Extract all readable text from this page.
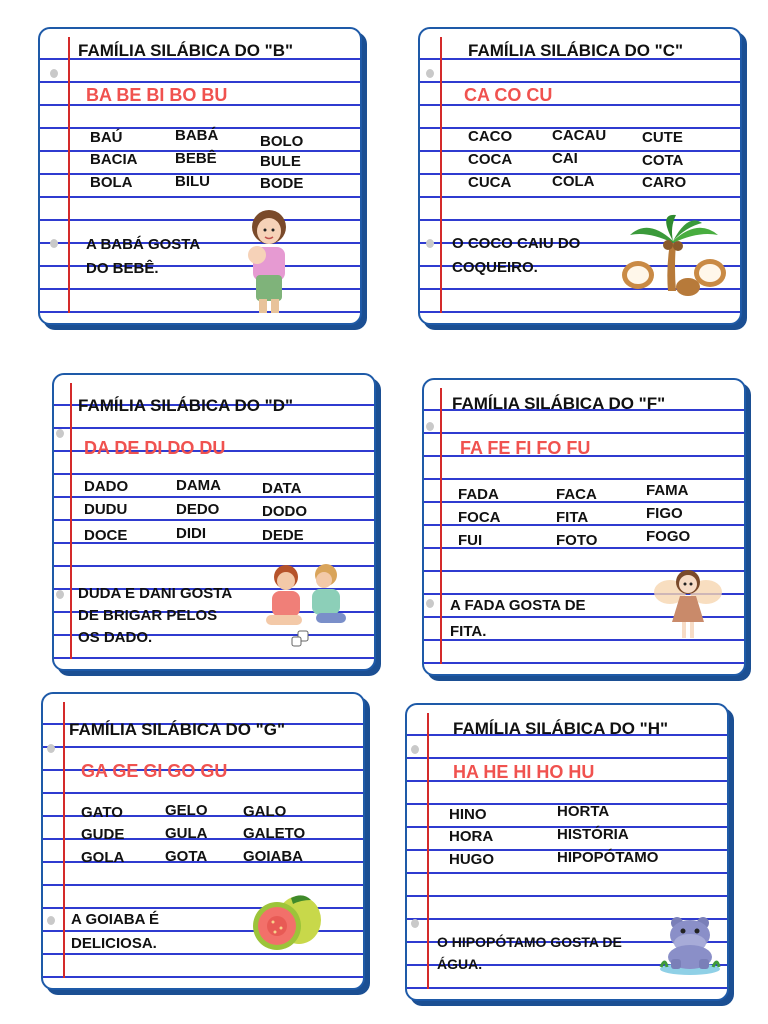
FAMÍLIA SILÁBICA DO "B"
BA BE BI BO BU
BAÚ
BACIA
BOLA
BABÁ
BEBÊ
BILU
BOLO
BULE
BODE
A BABÁ GOSTA
DO BEBÊ.
FAMÍLIA SILÁBICA DO "C"
CA CO CU
CACO
COCA
CUCA
CACAU
CAI
COLA
CUTE
COTA
CARO
O COCO CAIU DO
COQUEIRO.
FAMÍLIA SILÁBICA DO "D"
DA DE DI DO DU
DADO
DUDU
DOCE
DAMA
DEDO
DIDI
DATA
DODO
DEDE
DUDA E DANI GOSTA
DE BRIGAR PELOS
OS DADO.
FAMÍLIA SILÁBICA DO "F"
FA FE FI FO FU
FADA
FOCA
FUI
FACA
FITA
FOTO
FAMA
FIGO
FOGO
A FADA GOSTA DE
FITA.
FAMÍLIA SILÁBICA DO "G"
GA GE GI GO GU
GATO
GUDE
GOLA
GELO
GULA
GOTA
GALO
GALETO
GOIABA
A GOIABA É
DELICIOSA.
FAMÍLIA SILÁBICA DO "H"
HA HE HI HO HU
HINO
HORA
HUGO
HORTA
HISTÓRIA
HIPOPÓTAMO
O HIPOPÓTAMO GOSTA DE
ÁGUA.
